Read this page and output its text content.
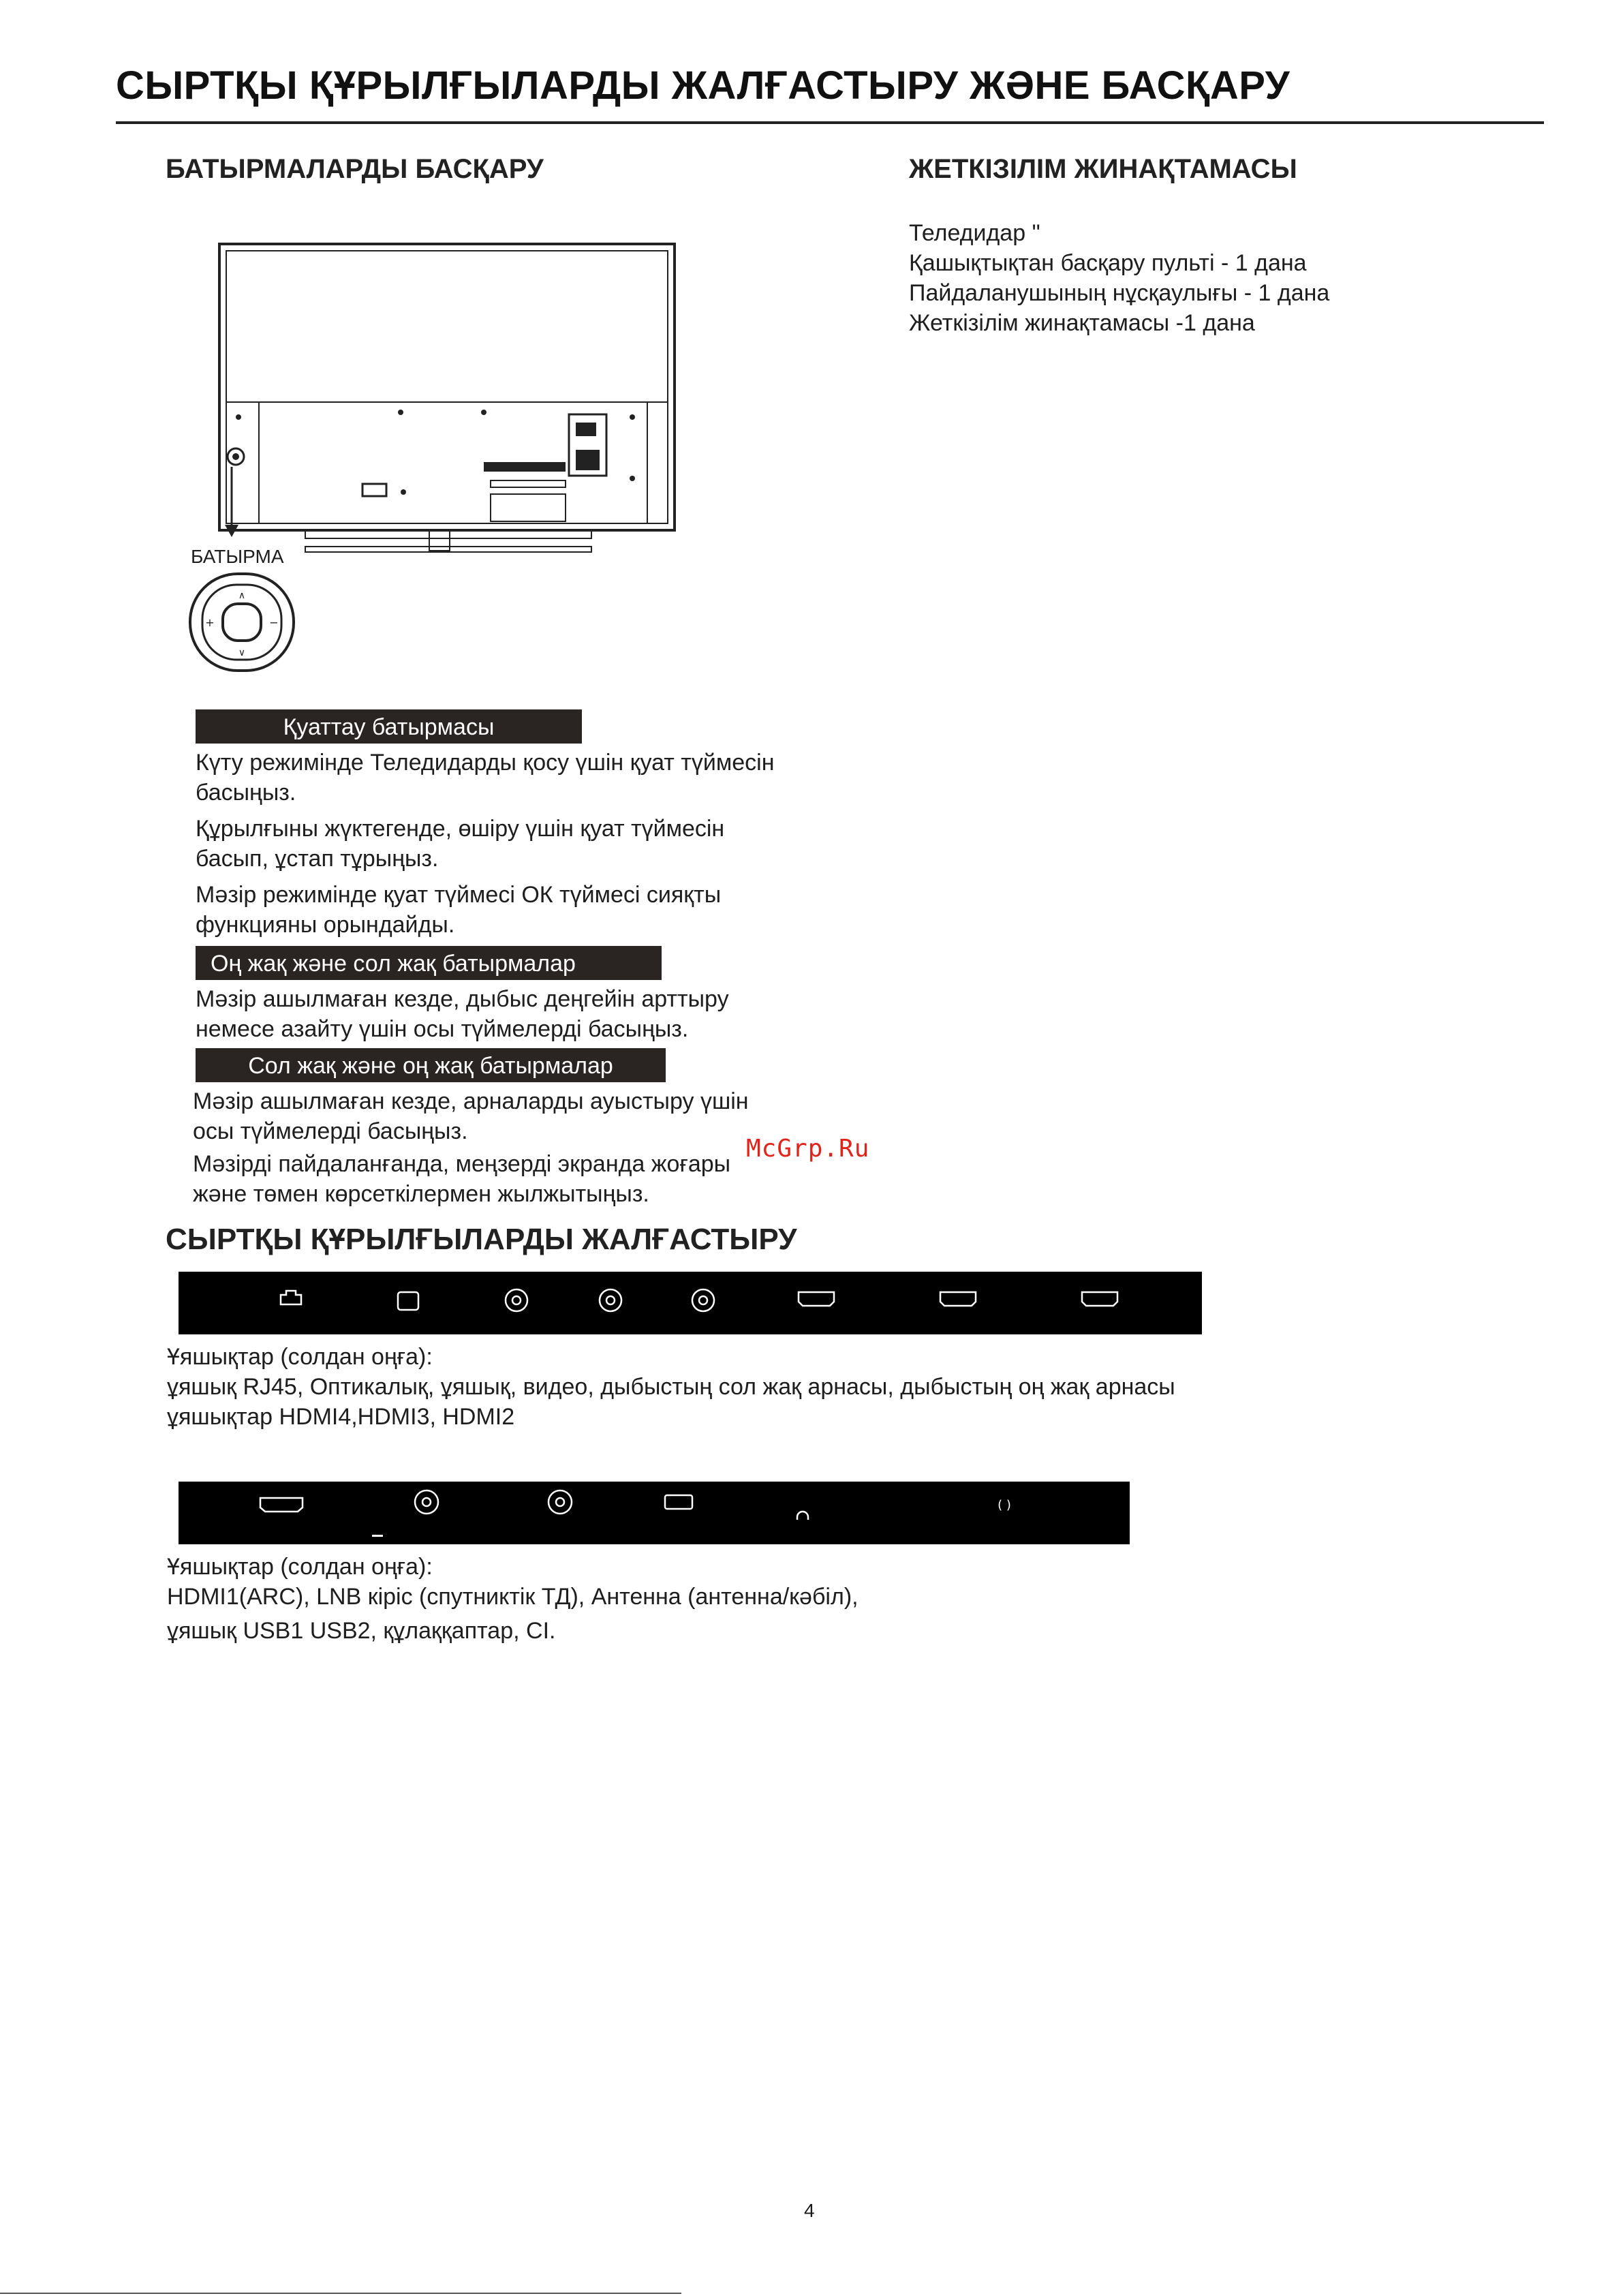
СЫРТҚЫ ҚҰРЫЛҒЫЛАРДЫ ЖАЛҒАСТЫРУ ЖӘНЕ БАСҚАРУ
БАТЫРМАЛАРДЫ БАСҚАРУ	ЖЕТКІЗІЛІМ ЖИНАҚТАМАСЫ
Теледидар "
Қашықтықтан басқару пульті - 1 дана
Пайдаланушының нұсқаулығы - 1 дана
Жеткізілім жинақтамасы -1 дана
БАТЫРМА
∧
∨
+	−
Қуаттау батырмасы
Күту режимінде Теледидарды қосу үшін қуат түймесін
басыңыз.
Құрылғыны жүктегенде, өшіру үшін қуат түймесін
басып, ұстап тұрыңыз.
Мәзір режимінде қуат түймесі ОК түймесі сияқты
функцияны орындайды.
Оң жақ және сол жақ батырмалар
Мәзір ашылмаған кезде, дыбыс деңгейін арттыру
немесе азайту үшін осы түймелерді басыңыз.
Сол жақ және оң жақ батырмалар
Мәзір ашылмаған кезде, арналарды ауыстыру үшін
осы түймелерді басыңыз.
Мәзірді пайдаланғанда, меңзерді экранда жоғары
және төмен көрсеткілермен жылжытыңыз.
McGrp.Ru
СЫРТҚЫ ҚҰРЫЛҒЫЛАРДЫ ЖАЛҒАСТЫРУ
Ұяшықтар (солдан оңға):
ұяшық RJ45, Оптикалық, ұяшық, видео, дыбыстың сол жақ арнасы, дыбыстың оң жақ арнасы
ұяшықтар HDMI4,HDMI3, HDMI2
( )
Ұяшықтар (солдан оңға):
HDMI1(ARC), LNB кіріс (спутниктік ТД), Антенна (антенна/кәбіл),
ұяшық USB1 USB2, құлаққаптар, CI.
4
